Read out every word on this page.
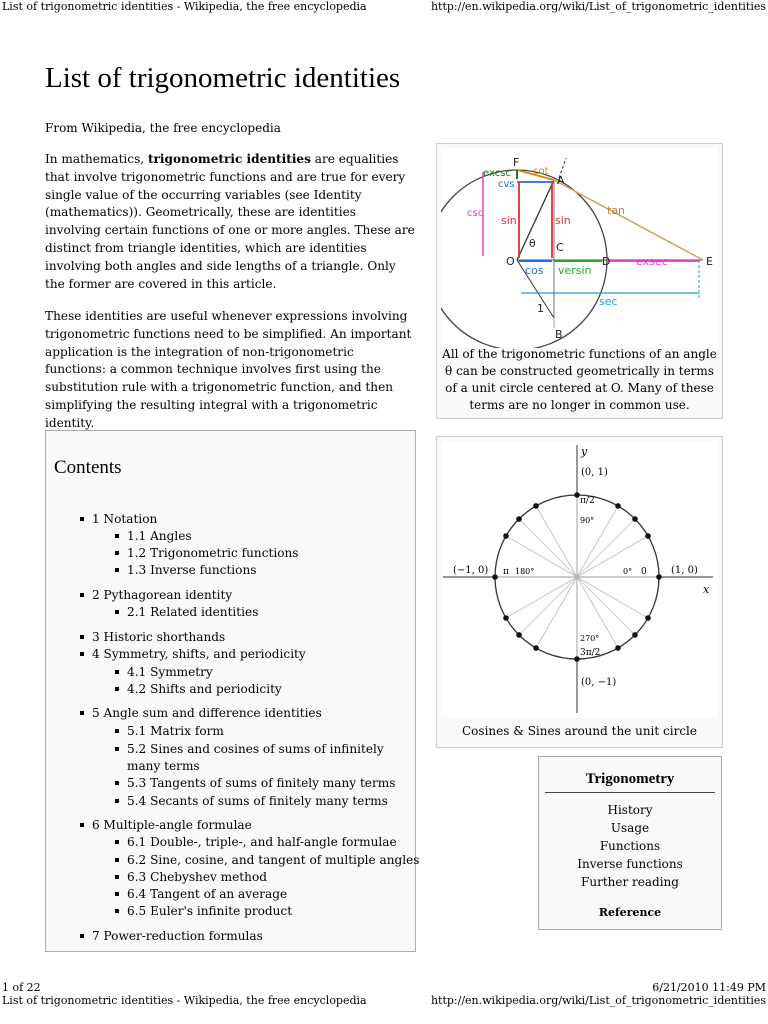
List of trigonometric identities - Wikipedia, the free encyclopedia	http://en.wikipedia.org/wiki/List_of_trigonometric_identities
1 of 22	6/21/2010 11:49 PM
List of trigonometric identities - Wikipedia, the free encyclopedia	http://en.wikipedia.org/wiki/List_of_trigonometric_identities
List of trigonometric identities
From Wikipedia, the free encyclopedia

In mathematics, trigonometric identities are equalities that involve trigonometric functions and are true for every single value of the occurring variables (see Identity (mathematics)). Geometrically, these are identities involving certain functions of one or more angles. These are distinct from triangle identities, which are identities involving both angles and side lengths of a triangle. Only the former are covered in this article.

These identities are useful whenever expressions involving trigonometric functions need to be simplified. An important application is the integration of non-trigonometric functions: a common technique involves first using the substitution rule with a trigonometric function, and then simplifying the resulting integral with a trigonometric identity.

F
A
excsc cot
cvs
csc	tan
sin	sin
θ C
O
cos versin
D exsec	E
sec
1
B
All of the trigonometric functions of an angle θ can be constructed geometrically in terms of a unit circle centered at O. Many of these terms are no longer in common use.
x
y
(0, 1)
(−1, 0)	(1, 0)
(0, −1)
π/2
90°
π 180°	0
0°
270°
3π/2
Cosines & Sines around the unit circle
Contents
1 Notation
1.1 Angles
1.2 Trigonometric functions
1.3 Inverse functions
2 Pythagorean identity
2.1 Related identities
3 Historic shorthands
4 Symmetry, shifts, and periodicity
4.1 Symmetry
4.2 Shifts and periodicity
5 Angle sum and difference identities
5.1 Matrix form
5.2 Sines and cosines of sums of infinitely
many terms
5.3 Tangents of sums of finitely many terms
5.4 Secants of sums of finitely many terms
6 Multiple-angle formulae
6.1 Double-, triple-, and half-angle formulae
6.2 Sine, cosine, and tangent of multiple angles
6.3 Chebyshev method
6.4 Tangent of an average
6.5 Euler's infinite product
7 Power-reduction formulas
Trigonometry
History
Usage
Functions
Inverse functions
Further reading
Reference
